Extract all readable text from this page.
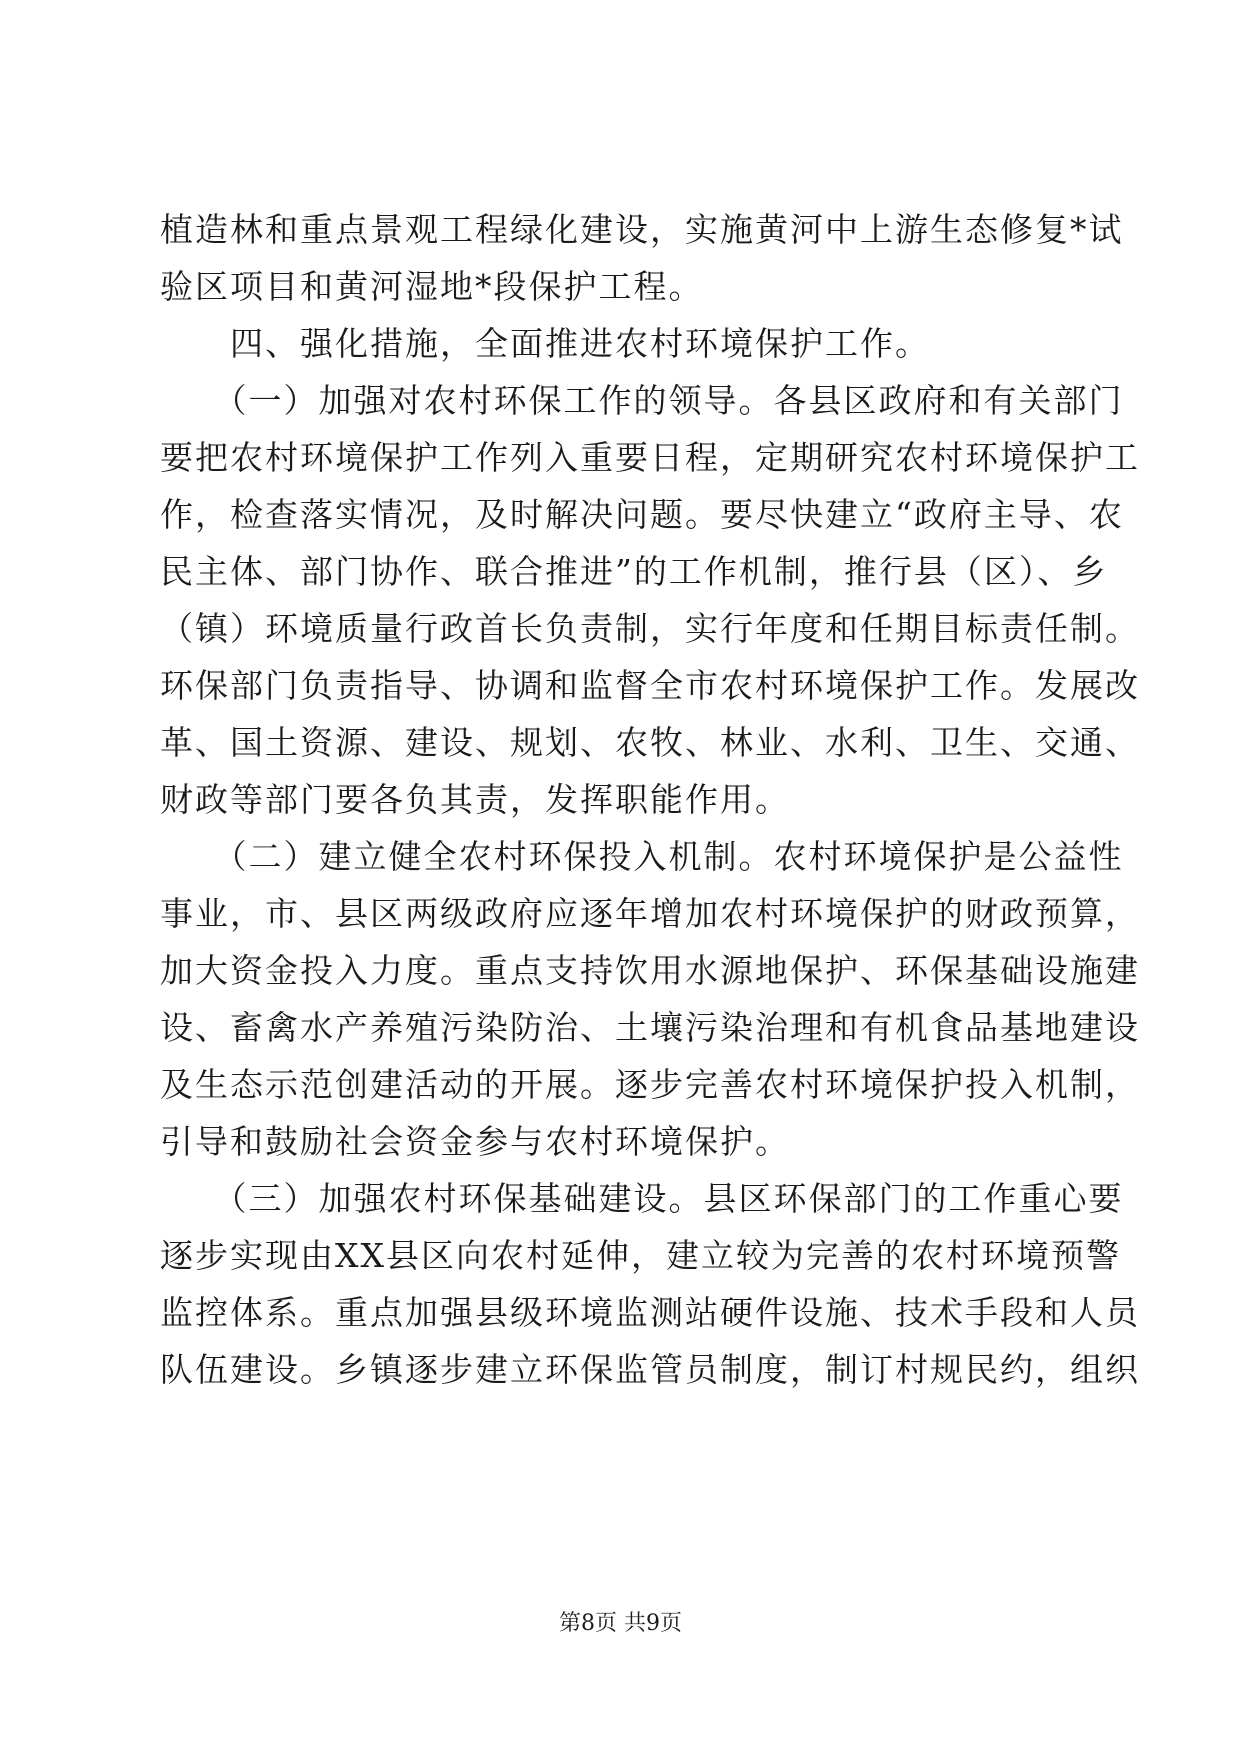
植造林和重点景观工程绿化建设，实施黄河中上游生态修复*试
验区项目和黄河湿地*段保护工程。
　　四、强化措施，全面推进农村环境保护工作。
　　（一）加强对农村环保工作的领导。各县区政府和有关部门
要把农村环境保护工作列入重要日程，定期研究农村环境保护工
作，检查落实情况，及时解决问题。要尽快建立“政府主导、农
民主体、部门协作、联合推进”的工作机制，推行县（区）、乡
（镇）环境质量行政首长负责制，实行年度和任期目标责任制。
环保部门负责指导、协调和监督全市农村环境保护工作。发展改
革、国土资源、建设、规划、农牧、林业、水利、卫生、交通、
财政等部门要各负其责，发挥职能作用。
　　（二）建立健全农村环保投入机制。农村环境保护是公益性
事业，市、县区两级政府应逐年增加农村环境保护的财政预算，
加大资金投入力度。重点支持饮用水源地保护、环保基础设施建
设、畜禽水产养殖污染防治、土壤污染治理和有机食品基地建设
及生态示范创建活动的开展。逐步完善农村环境保护投入机制，
引导和鼓励社会资金参与农村环境保护。
　　（三）加强农村环保基础建设。县区环保部门的工作重心要
逐步实现由XX县区向农村延伸，建立较为完善的农村环境预警
监控体系。重点加强县级环境监测站硬件设施、技术手段和人员
队伍建设。乡镇逐步建立环保监管员制度，制订村规民约，组织
第8页 共9页
